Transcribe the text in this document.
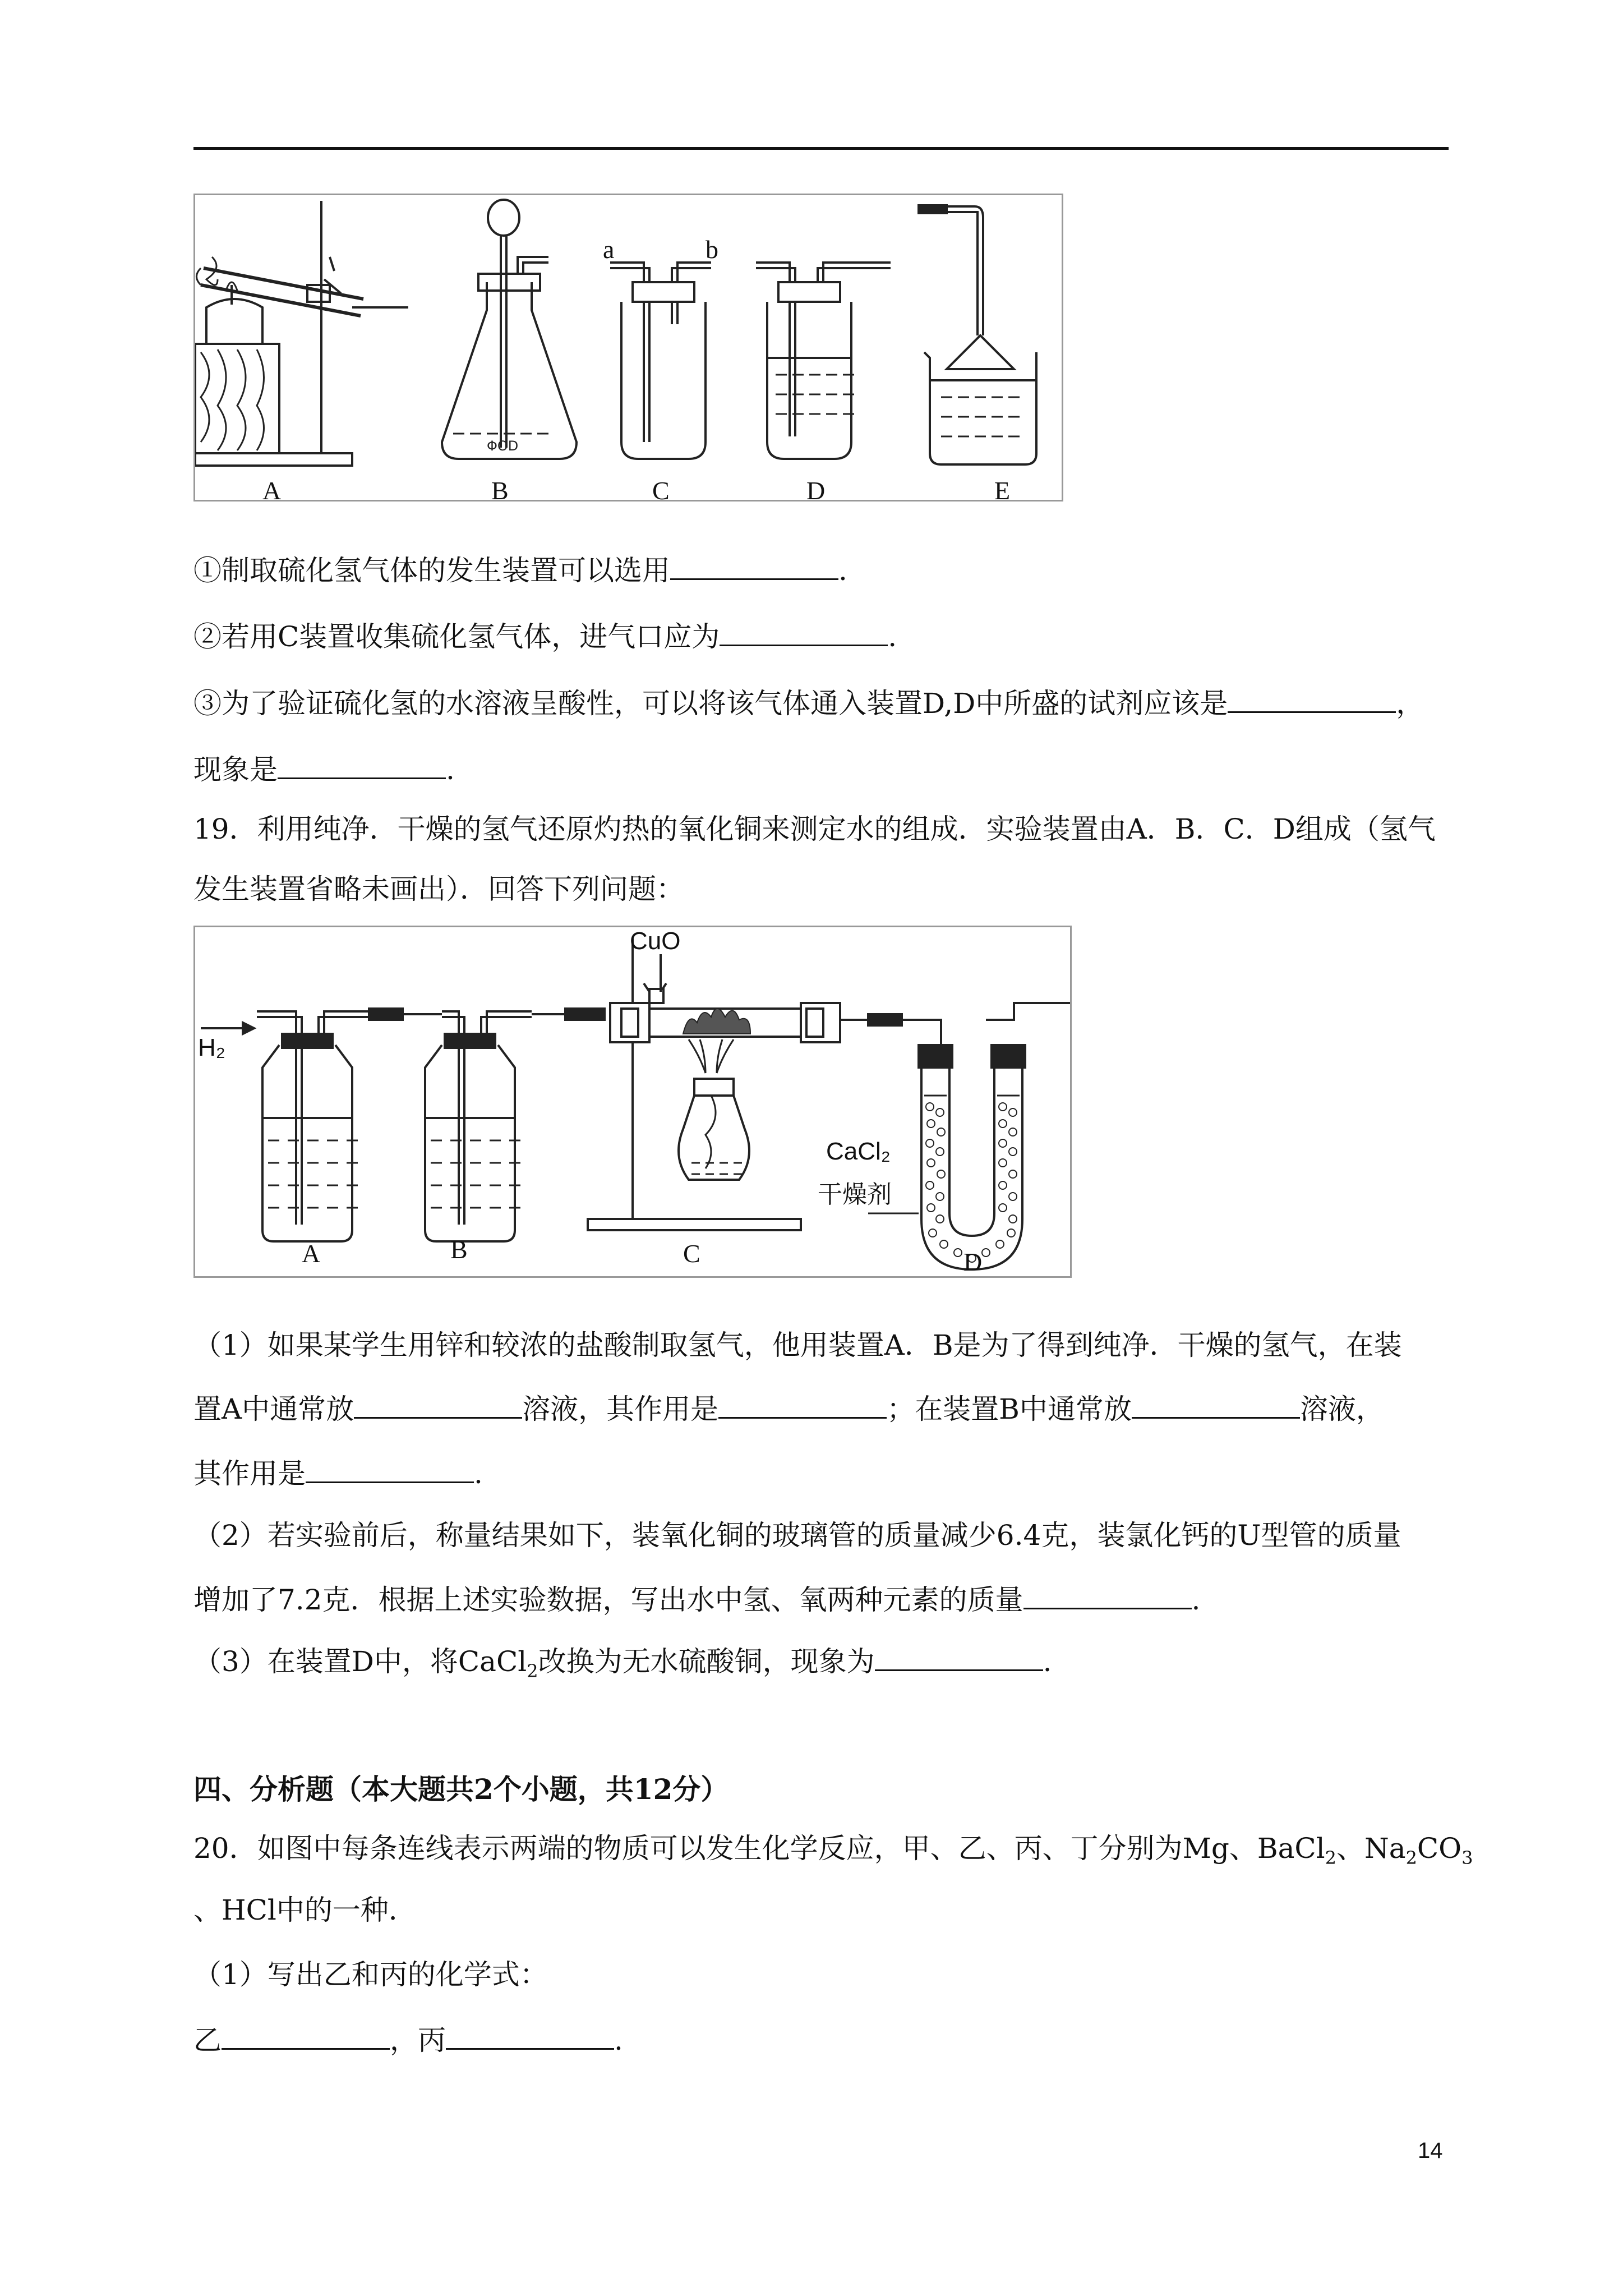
ΦOD
A	B	C	D	E
a	b
①制取硫化氢气体的发生装置可以选用	.
②若用C装置收集硫化氢气体，进气口应为	.
③为了验证硫化氢的水溶液呈酸性，可以将该气体通入装置D,D中所盛的试剂应该是	，
现象是	.
19．利用纯净．干燥的氢气还原灼热的氧化铜来测定水的组成．实验装置由A．B．C．D组成（氢气
发生装置省略未画出）．回答下列问题：
H₂
CuO
CaCl₂
干燥剂
A	B	C	D
（1）如果某学生用锌和较浓的盐酸制取氢气，他用装置A．B是为了得到纯净．干燥的氢气，在装
置A中通常放	溶液，其作用是	；在装置B中通常放	溶液，
其作用是	.
（2）若实验前后，称量结果如下，装氧化铜的玻璃管的质量减少6.4克，装氯化钙的U型管的质量
增加了7.2克．根据上述实验数据，写出水中氢、氧两种元素的质量	.
（3）在装置D中，将CaCl$_2$改换为无水硫酸铜，现象为	.
四、分析题（本大题共2个小题，共12分）
20．如图中每条连线表示两端的物质可以发生化学反应，甲、乙、丙、丁分别为Mg、BaCl$_2$、$Na_2CO_3$
、HCl中的一种．
（1）写出乙和丙的化学式：
乙	，丙	.
14
